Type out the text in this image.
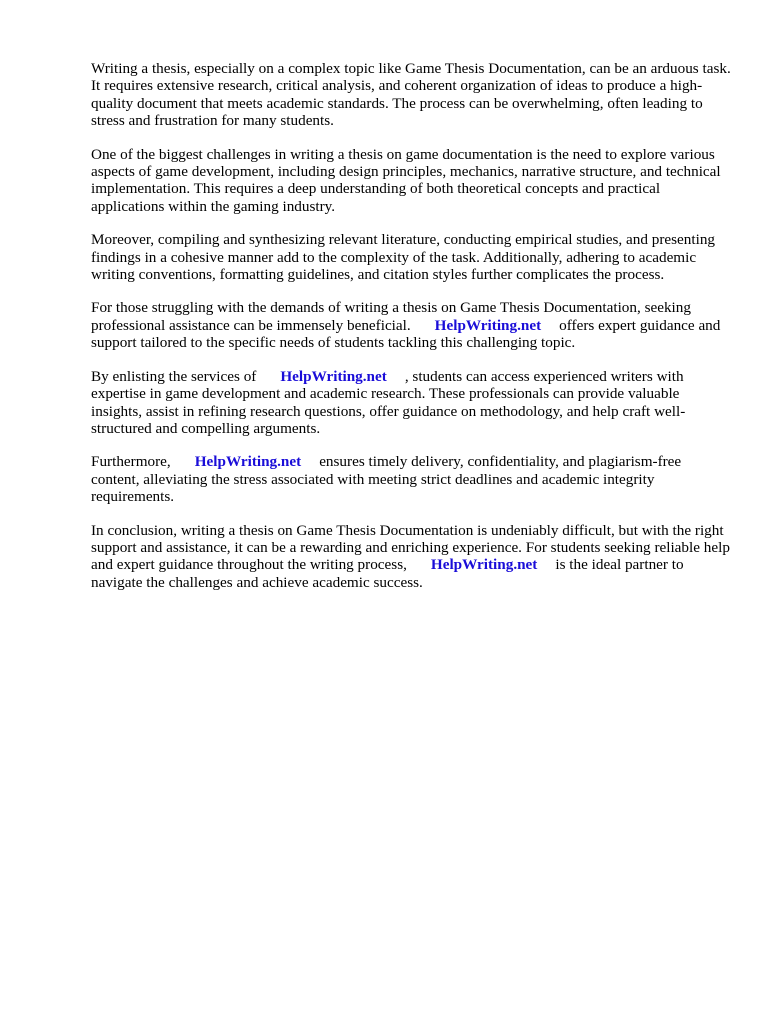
Writing a thesis, especially on a complex topic like Game Thesis Documentation, can be an arduous task. It requires extensive research, critical analysis, and coherent organization of ideas to produce a high-quality document that meets academic standards. The process can be overwhelming, often leading to stress and frustration for many students.

One of the biggest challenges in writing a thesis on game documentation is the need to explore various aspects of game development, including design principles, mechanics, narrative structure, and technical implementation. This requires a deep understanding of both theoretical concepts and practical applications within the gaming industry.

Moreover, compiling and synthesizing relevant literature, conducting empirical studies, and presenting findings in a cohesive manner add to the complexity of the task. Additionally, adhering to academic writing conventions, formatting guidelines, and citation styles further complicates the process.

For those struggling with the demands of writing a thesis on Game Thesis Documentation, seeking professional assistance can be immensely beneficial. HelpWriting.net offers expert guidance and support tailored to the specific needs of students tackling this challenging topic.

By enlisting the services of HelpWriting.net , students can access experienced writers with expertise in game development and academic research. These professionals can provide valuable insights, assist in refining research questions, offer guidance on methodology, and help craft well-structured and compelling arguments.

Furthermore, HelpWriting.net ensures timely delivery, confidentiality, and plagiarism-free content, alleviating the stress associated with meeting strict deadlines and academic integrity requirements.

In conclusion, writing a thesis on Game Thesis Documentation is undeniably difficult, but with the right support and assistance, it can be a rewarding and enriching experience. For students seeking reliable help and expert guidance throughout the writing process, HelpWriting.net is the ideal partner to navigate the challenges and achieve academic success.
